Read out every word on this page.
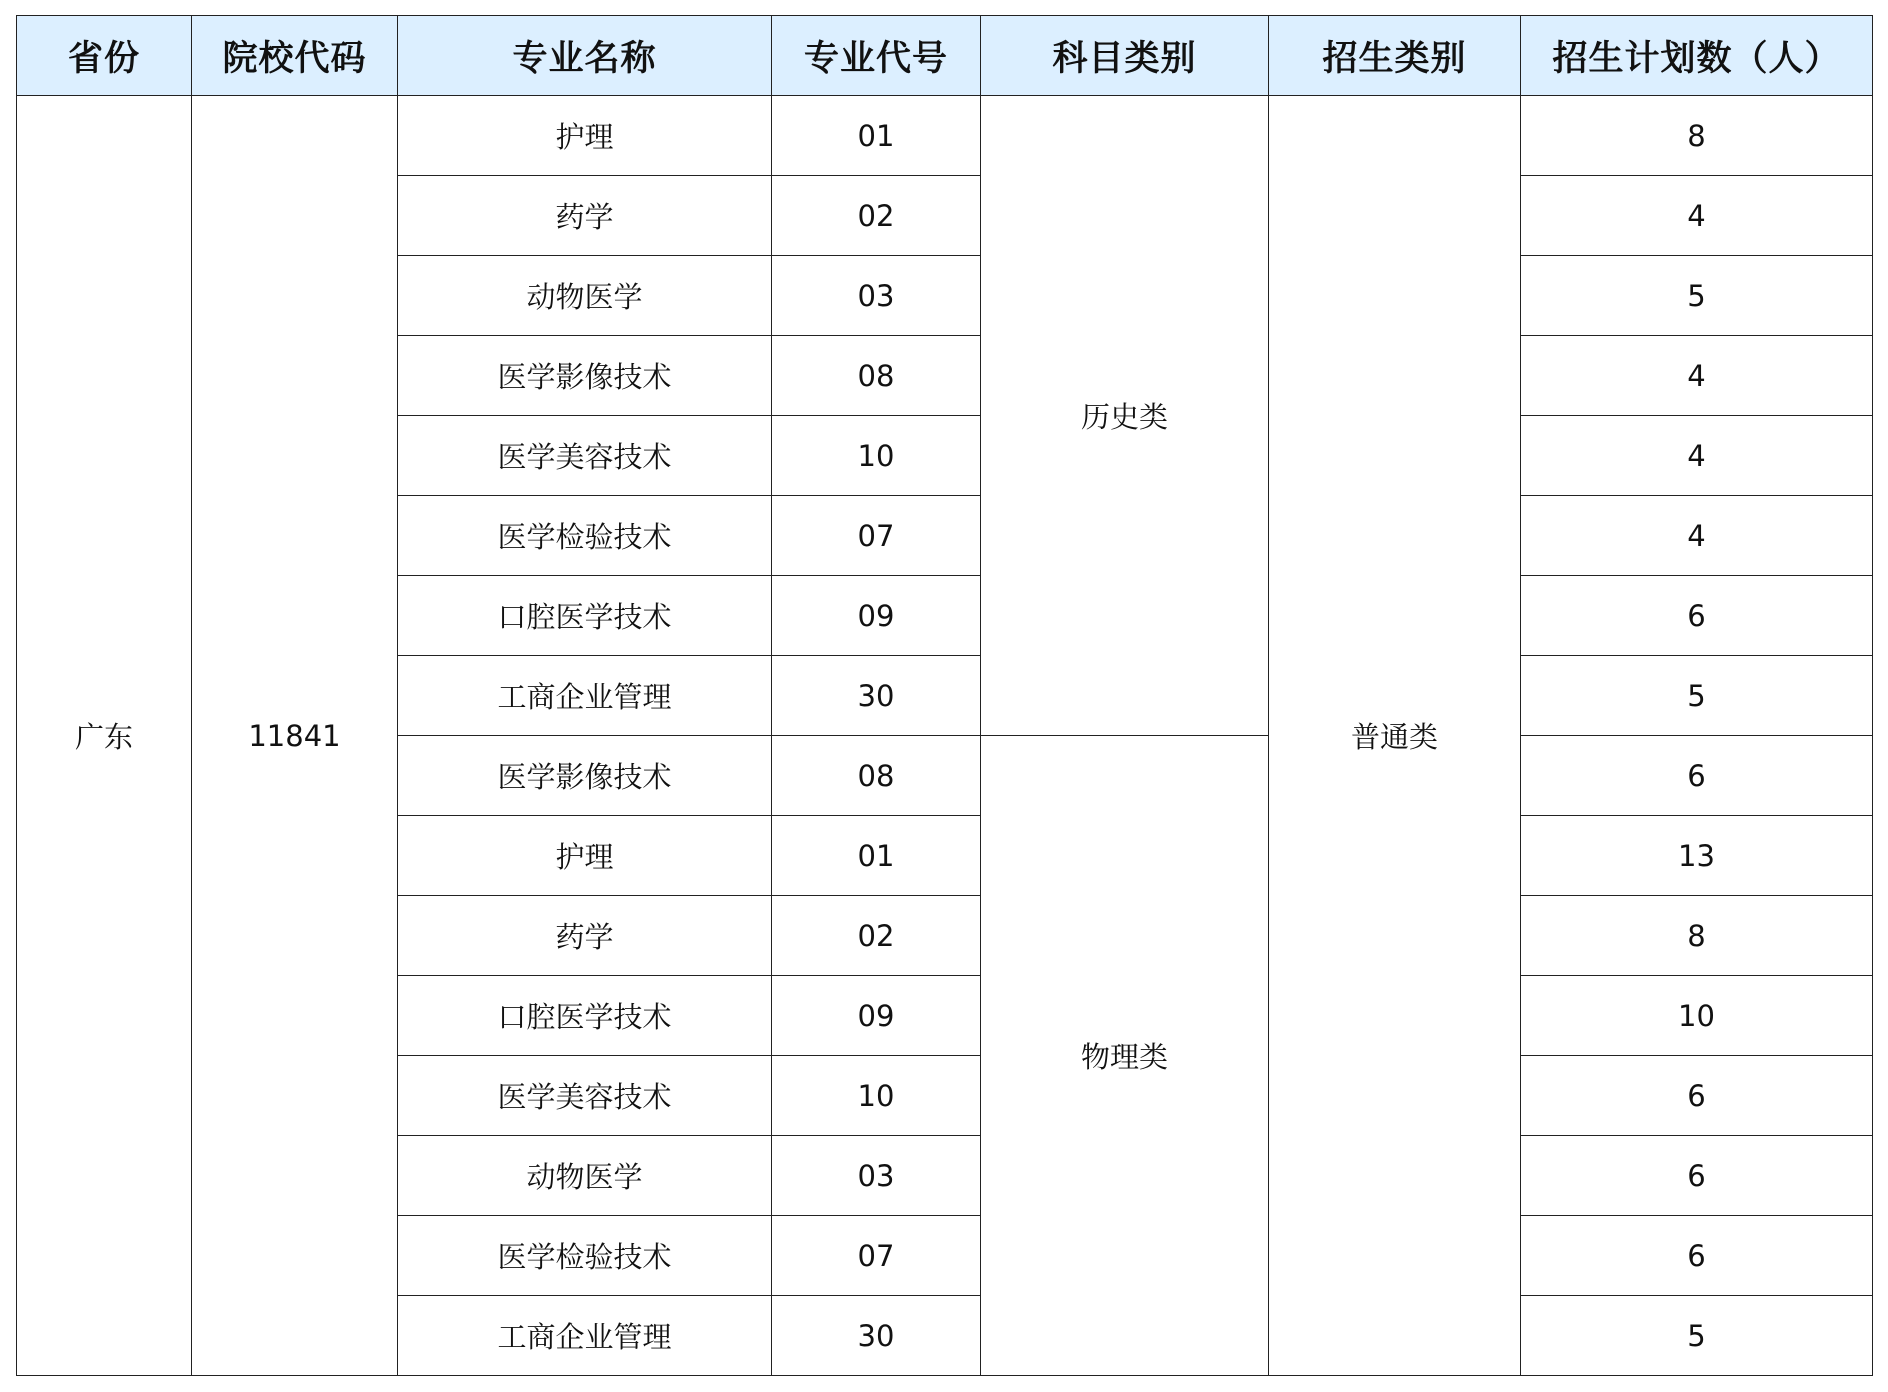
省份	院校代码	专业名称	专业代号	科目类别	招生类别	招生计划数（人）
广东	11841	护理	01	历史类	普通类	8
		药学	02			4
		动物医学	03			5
		医学影像技术	08			4
		医学美容技术	10			4
		医学检验技术	07			4
		口腔医学技术	09			6
		工商企业管理	30			5
		医学影像技术	08	物理类		6
		护理	01			13
		药学	02			8
		口腔医学技术	09			10
		医学美容技术	10			6
		动物医学	03			6
		医学检验技术	07			6
		工商企业管理	30			5
